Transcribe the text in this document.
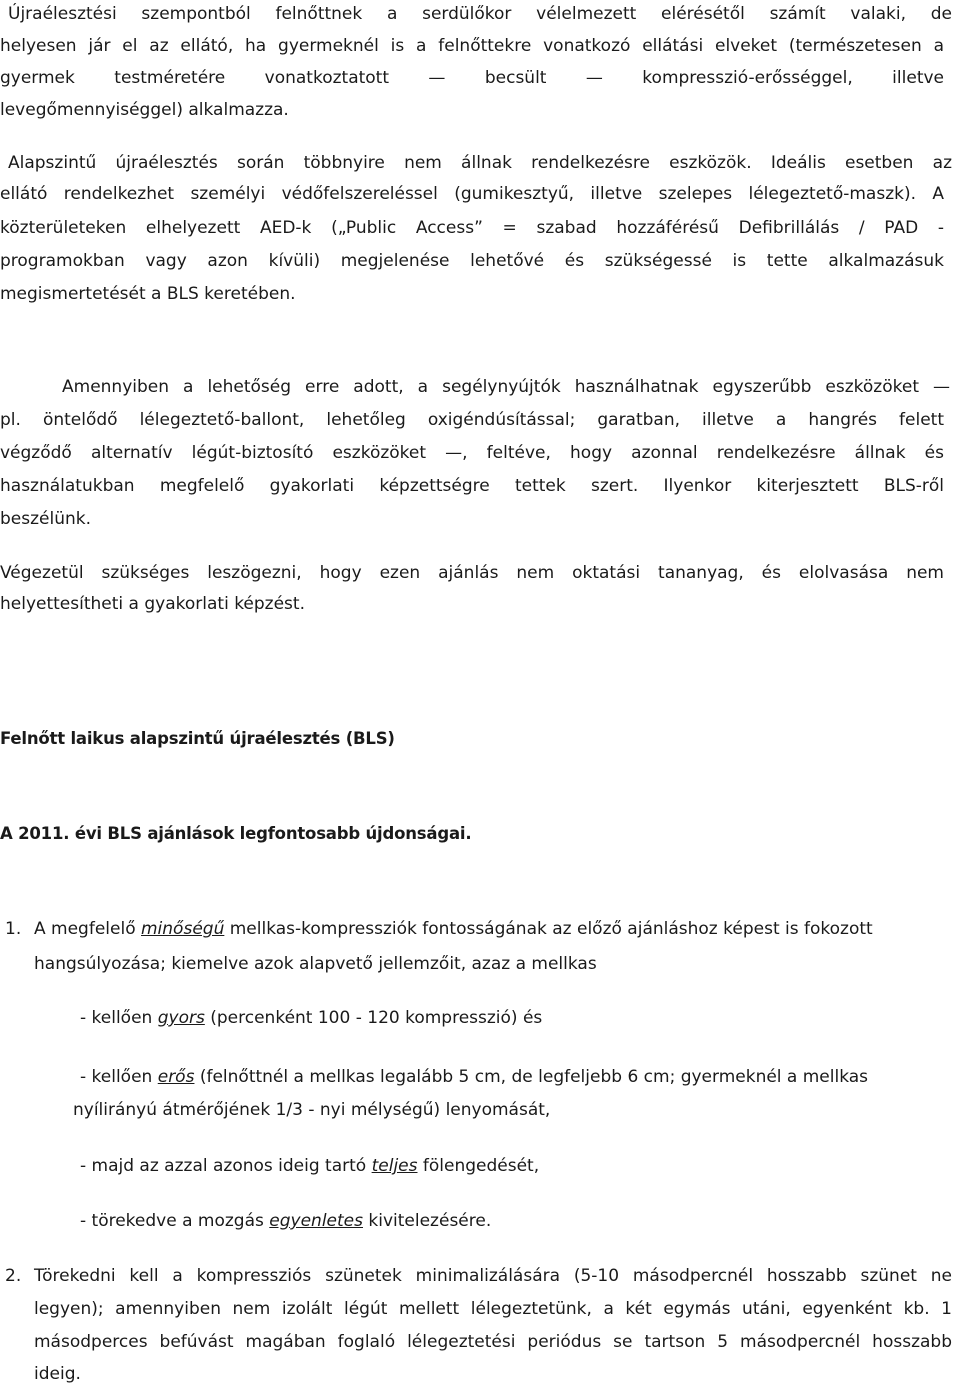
Újraélesztési szempontból felnőttnek a serdülőkor vélelmezett elérésétől számít valaki, de
helyesen jár el az ellátó, ha gyermeknél is a felnőttekre vonatkozó ellátási elveket (természetesen a
gyermek testméretére vonatkoztatott — becsült — kompresszió-erősséggel, illetve
levegőmennyiséggel) alkalmazza.
Alapszintű újraélesztés során többnyire nem állnak rendelkezésre eszközök. Ideális esetben az
ellátó rendelkezhet személyi védőfelszereléssel (gumikesztyű, illetve szelepes lélegeztető-maszk). A
közterületeken elhelyezett AED-k („Public Access” = szabad hozzáférésű Defibrillálás / PAD -
programokban vagy azon kívüli) megjelenése lehetővé és szükségessé is tette alkalmazásuk
megismertetését a BLS keretében.
Amennyiben a lehetőség erre adott, a segélynyújtók használhatnak egyszerűbb eszközöket —
pl. öntelődő lélegeztető-ballont, lehetőleg oxigéndúsítással; garatban, illetve a hangrés felett
végződő alternatív légút-biztosító eszközöket —, feltéve, hogy azonnal rendelkezésre állnak és
használatukban megfelelő gyakorlati képzettségre tettek szert. Ilyenkor kiterjesztett BLS-ről
beszélünk.
Végezetül szükséges leszögezni, hogy ezen ajánlás nem oktatási tananyag, és elolvasása nem
helyettesítheti a gyakorlati képzést.
Felnőtt laikus alapszintű újraélesztés (BLS)
A 2011. évi BLS ajánlások legfontosabb újdonságai.
1. A megfelelő minőségű mellkas-kompressziók fontosságának az előző ajánláshoz képest is fokozott
hangsúlyozása; kiemelve azok alapvető jellemzőit, azaz a mellkas
- kellően gyors (percenként 100 - 120 kompresszió) és
- kellően erős (felnőttnél a mellkas legalább 5 cm, de legfeljebb 6 cm; gyermeknél a mellkas
nyílirányú átmérőjének 1/3 - nyi mélységű) lenyomását,
- majd az azzal azonos ideig tartó teljes fölengedését,
- törekedve a mozgás egyenletes kivitelezésére.
2. Törekedni kell a kompressziós szünetek minimalizálására (5-10 másodpercnél hosszabb szünet ne
legyen); amennyiben nem izolált légút mellett lélegeztetünk, a két egymás utáni, egyenként kb. 1
másodperces befúvást magában foglaló lélegeztetési periódus se tartson 5 másodpercnél hosszabb
ideig.
